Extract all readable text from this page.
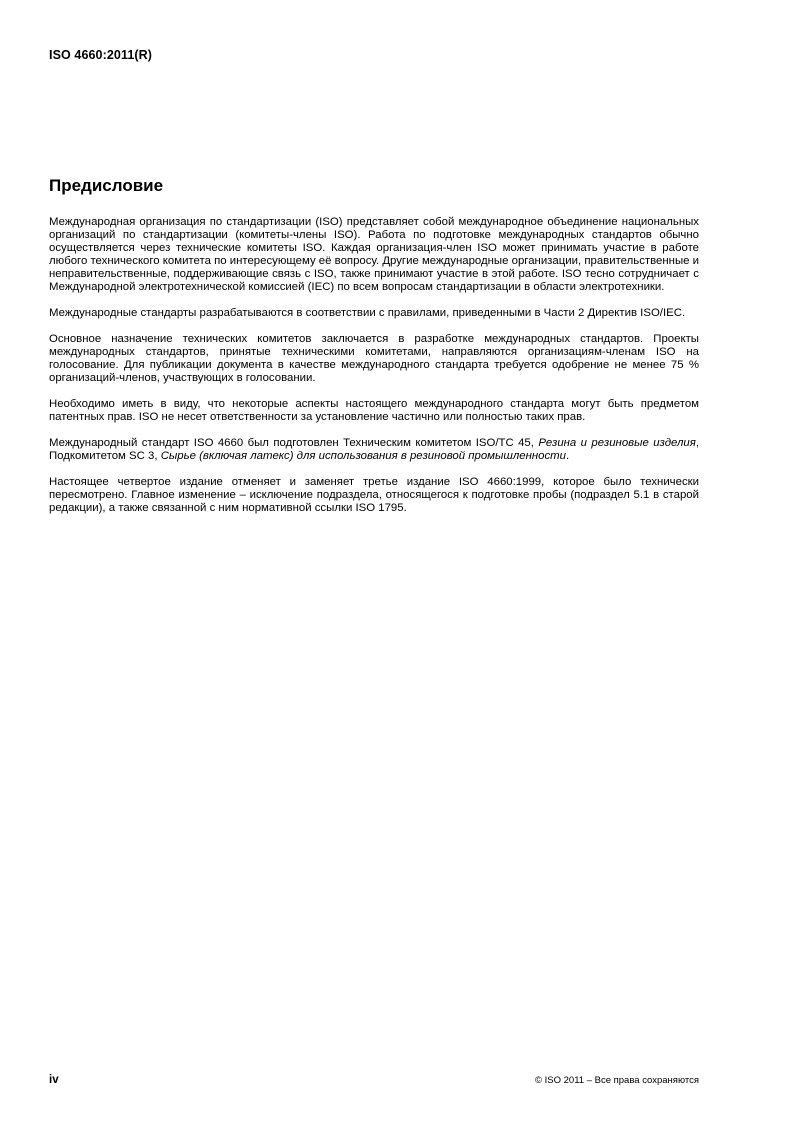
ISO 4660:2011(R)
Предисловие

Международная организация по стандартизации (ISO) представляет собой международное объединение национальных организаций по стандартизации (комитеты-члены ISO). Работа по подготовке международных стандартов обычно осуществляется через технические комитеты ISO. Каждая организация-член ISO может принимать участие в работе любого технического комитета по интересующему её вопросу. Другие международные организации, правительственные и неправительственные, поддерживающие связь с ISO, также принимают участие в этой работе. ISO тесно сотрудничает с Международной электротехнической комиссией (IEC) по всем вопросам стандартизации в области электротехники.

Международные стандарты разрабатываются в соответствии с правилами, приведенными в Части 2 Директив ISO/IEC.

Основное назначение технических комитетов заключается в разработке международных стандартов. Проекты международных стандартов, принятые техническими комитетами, направляются организациям-членам ISO на голосование. Для публикации документа в качестве международного стандарта требуется одобрение не менее 75 % организаций-членов, участвующих в голосовании.

Необходимо иметь в виду, что некоторые аспекты настоящего международного стандарта могут быть предметом патентных прав. ISO не несет ответственности за установление частично или полностью таких прав.

Международный стандарт ISO 4660 был подготовлен Техническим комитетом ISO/TC 45, Резина и резиновые изделия, Подкомитетом SC 3, Сырье (включая латекс) для использования в резиновой промышленности.

Настоящее четвертое издание отменяет и заменяет третье издание ISO 4660:1999, которое было технически пересмотрено. Главное изменение – исключение подраздела, относящегося к подготовке пробы (подраздел 5.1 в старой редакции), а также связанной с ним нормативной ссылки ISO 1795.

iv	© ISO 2011 – Все права сохраняются
